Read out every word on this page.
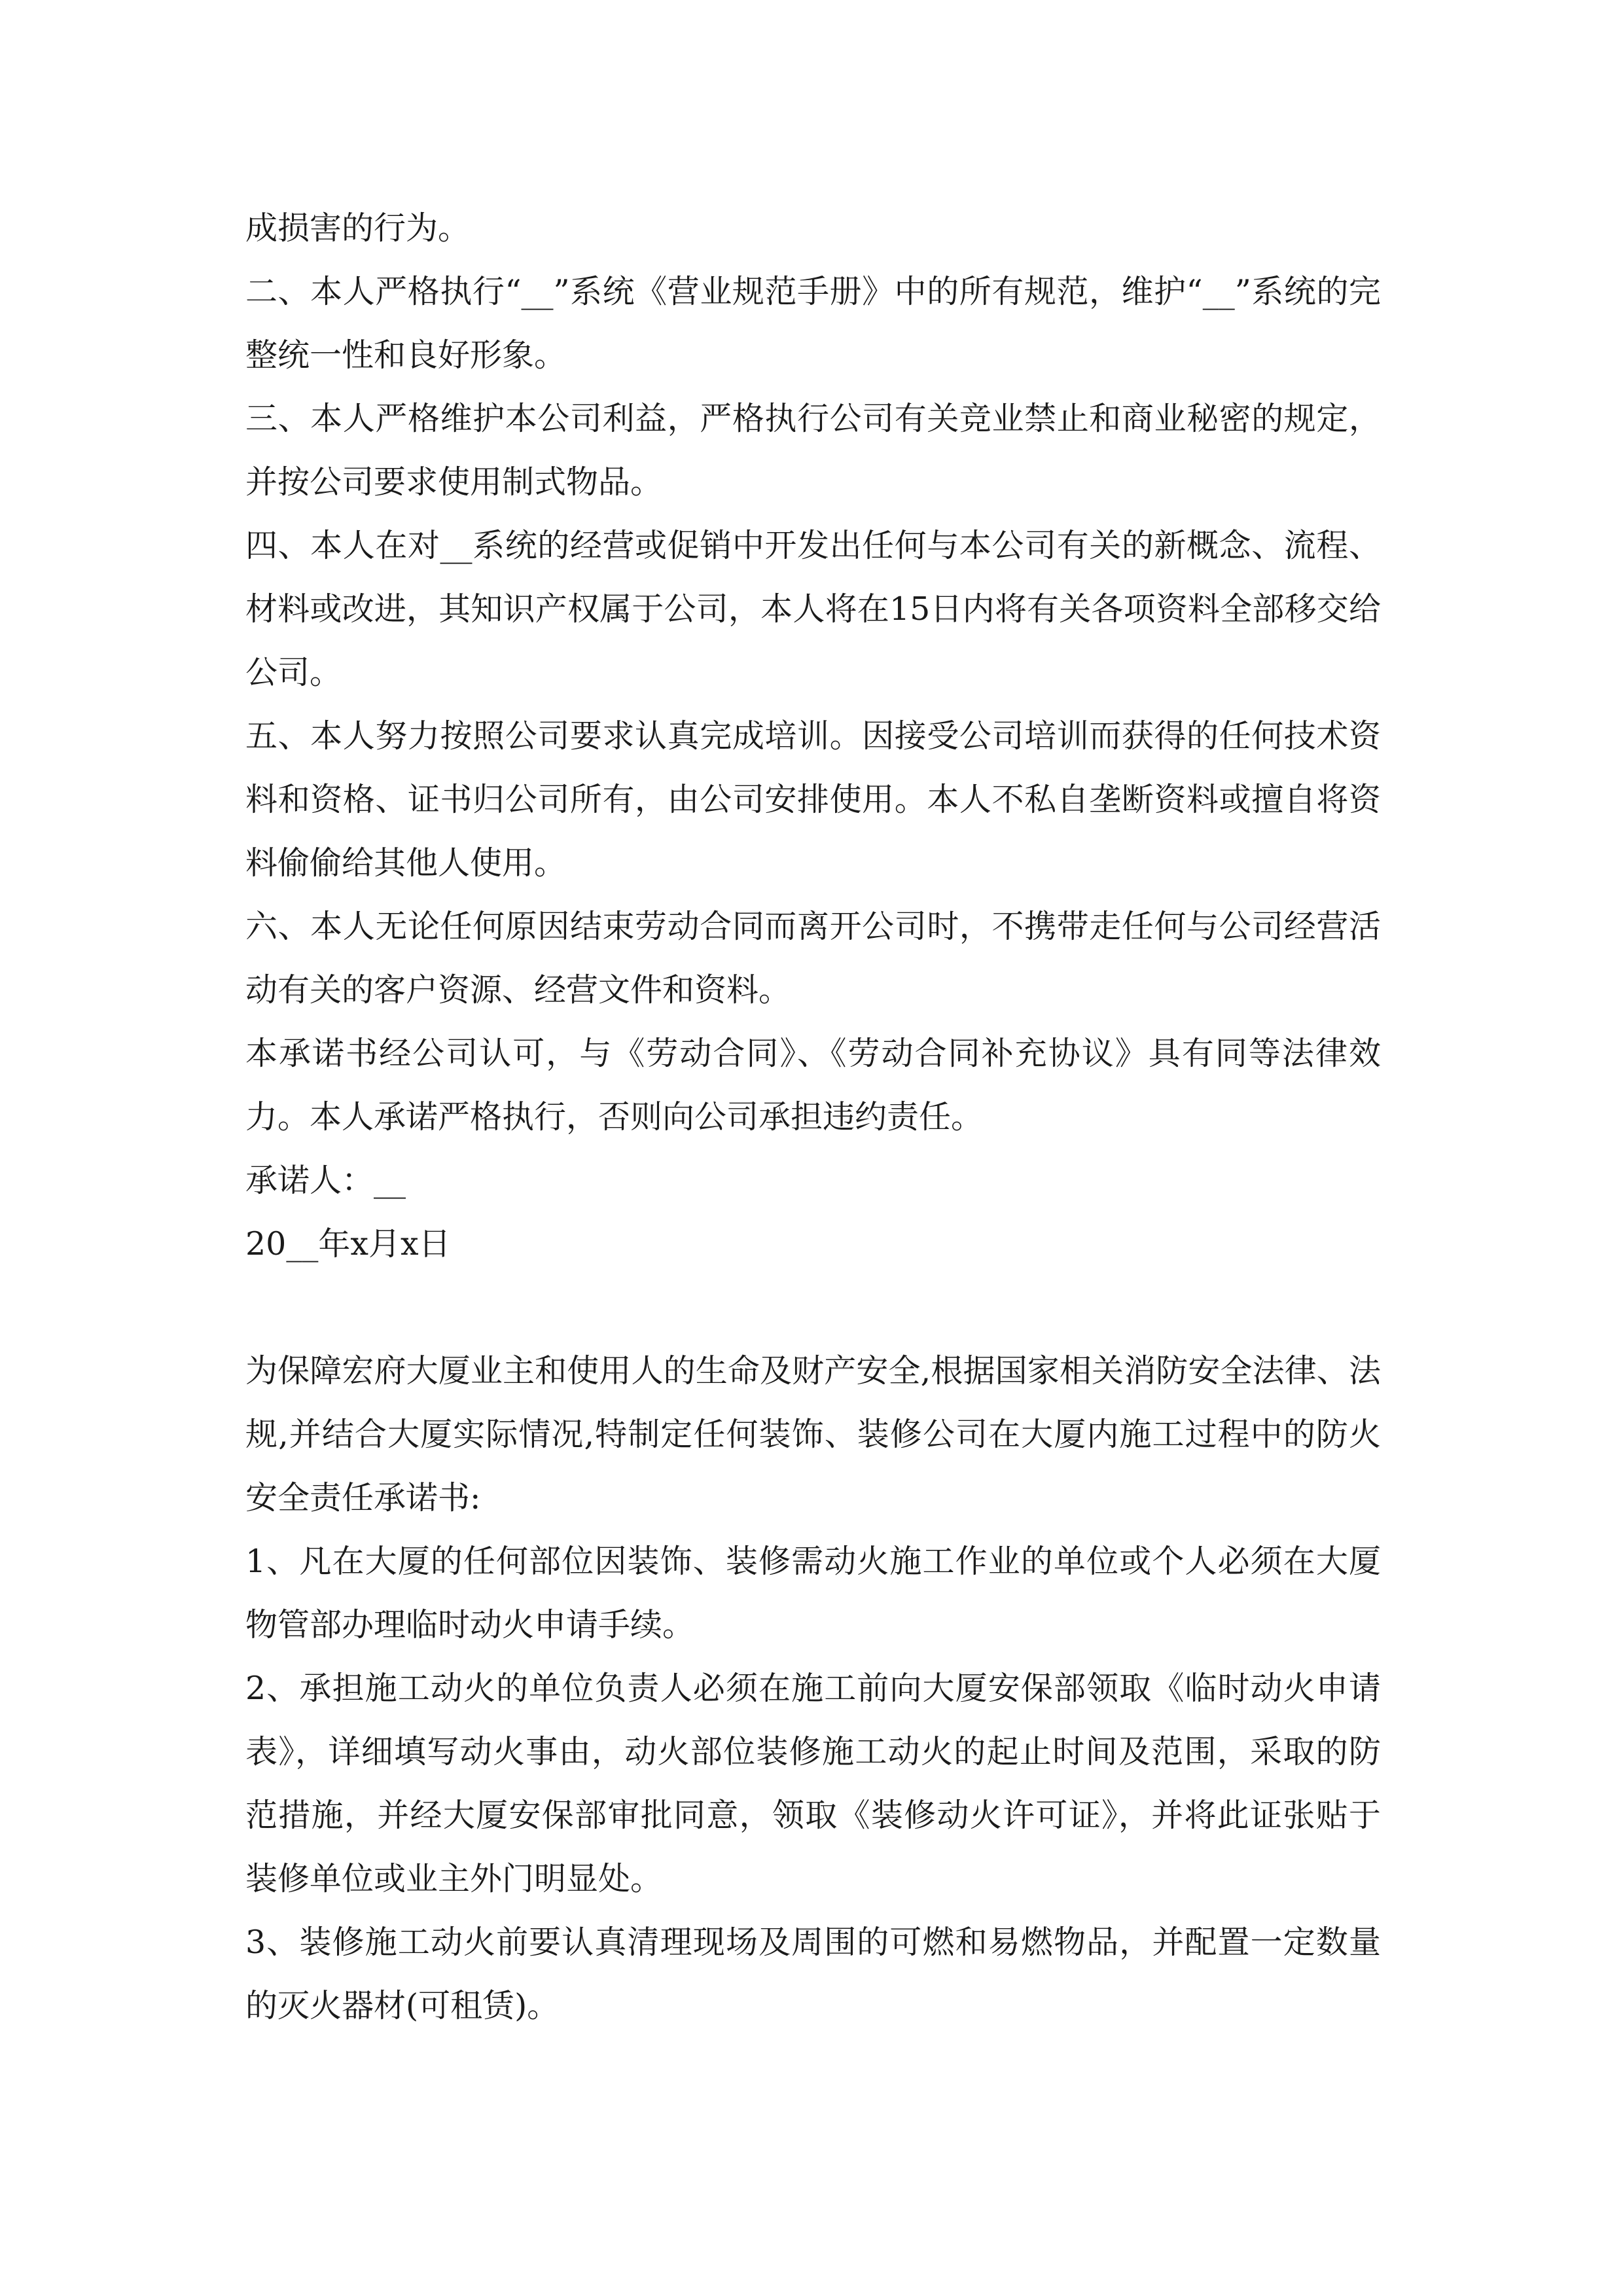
成损害的行为。

二、本人严格执行“__”系统《营业规范手册》中的所有规范，维护“__”系统的完整统一性和良好形象。

三、本人严格维护本公司利益，严格执行公司有关竞业禁止和商业秘密的规定，并按公司要求使用制式物品。

四、本人在对__系统的经营或促销中开发出任何与本公司有关的新概念、流程、材料或改进，其知识产权属于公司，本人将在15日内将有关各项资料全部移交给公司。

五、本人努力按照公司要求认真完成培训。因接受公司培训而获得的任何技术资料和资格、证书归公司所有，由公司安排使用。本人不私自垄断资料或擅自将资料偷偷给其他人使用。

六、本人无论任何原因结束劳动合同而离开公司时，不携带走任何与公司经营活动有关的客户资源、经营文件和资料。

本承诺书经公司认可，与《劳动合同》、《劳动合同补充协议》具有同等法律效力。本人承诺严格执行，否则向公司承担违约责任。

承诺人：__

20__年x月x日

为保障宏府大厦业主和使用人的生命及财产安全,根据国家相关消防安全法律、法规,并结合大厦实际情况,特制定任何装饰、装修公司在大厦内施工过程中的防火安全责任承诺书:

1、凡在大厦的任何部位因装饰、装修需动火施工作业的单位或个人必须在大厦物管部办理临时动火申请手续。

2、承担施工动火的单位负责人必须在施工前向大厦安保部领取《临时动火申请表》，详细填写动火事由，动火部位装修施工动火的起止时间及范围，采取的防范措施，并经大厦安保部审批同意，领取《装修动火许可证》，并将此证张贴于装修单位或业主外门明显处。

3、装修施工动火前要认真清理现场及周围的可燃和易燃物品，并配置一定数量的灭火器材(可租赁)。
